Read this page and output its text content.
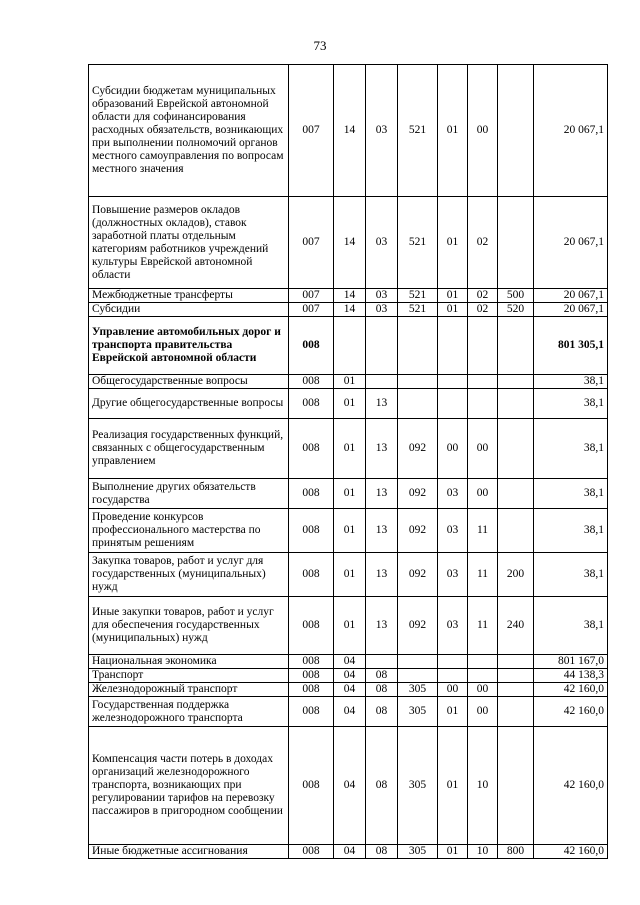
73
Субсидии бюджетам муниципальных образований Еврейской автономной области для софинансирования расходных обязательств, возникающих при выполнении полномочий органов местного самоуправления по вопросам местного значения	007	14	03	521	01	00		20 067,1
Повышение размеров окладов (должностных окладов), ставок заработной платы отдельным категориям работников учреждений культуры Еврейской автономной области	007	14	03	521	01	02		20 067,1
Межбюджетные трансферты	007	14	03	521	01	02	500	20 067,1
Субсидии	007	14	03	521	01	02	520	20 067,1
Управление автомобильных дорог и транспорта правительства Еврейской автономной области	008							801 305,1
Общегосударственные вопросы	008	01						38,1
Другие общегосударственные вопросы	008	01	13					38,1
Реализация государственных функций, связанных с общегосударственным управлением	008	01	13	092	00	00		38,1
Выполнение других обязательств государства	008	01	13	092	03	00		38,1
Проведение конкурсов профессионального мастерства по принятым решениям	008	01	13	092	03	11		38,1
Закупка товаров, работ и услуг для государственных (муниципальных) нужд	008	01	13	092	03	11	200	38,1
Иные закупки товаров, работ и услуг для обеспечения государственных (муниципальных) нужд	008	01	13	092	03	11	240	38,1
Национальная экономика	008	04						801 167,0
Транспорт	008	04	08					44 138,3
Железнодорожный транспорт	008	04	08	305	00	00		42 160,0
Государственная поддержка железнодорожного транспорта	008	04	08	305	01	00		42 160,0
Компенсация части потерь в доходах организаций железнодорожного транспорта, возникающих при регулировании тарифов на перевозку пассажиров в пригородном сообщении	008	04	08	305	01	10		42 160,0
Иные бюджетные ассигнования	008	04	08	305	01	10	800	42 160,0
